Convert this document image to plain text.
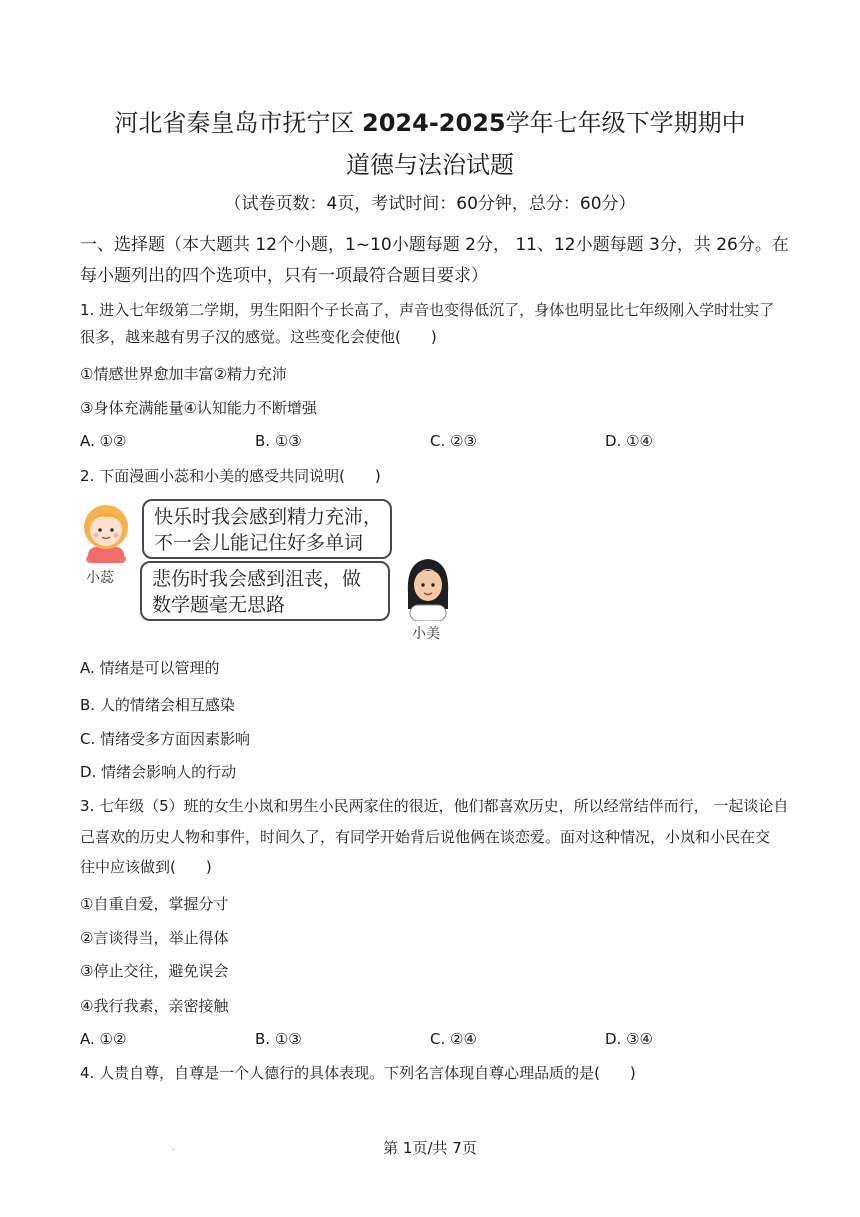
河北省秦皇岛市抚宁区 2024-2025学年七年级下学期期中
道德与法治试题
（试卷页数：4页，考试时间：60分钟，总分：60分）
一、选择题（本大题共 12个小题，1~10小题每题 2分， 11、12小题每题 3分，共 26分。在
每小题列出的四个选项中，只有一项最符合题目要求）
1. 进入七年级第二学期，男生阳阳个子长高了，声音也变得低沉了，身体也明显比七年级刚入学时壮实了
很多，越来越有男子汉的感觉。这些变化会使他(　　)
①情感世界愈加丰富②精力充沛
③身体充满能量④认知能力不断增强
A. ①②	B. ①③	C. ②③	D. ①④
2. 下面漫画小蕊和小美的感受共同说明(　　)
小蕊
快乐时我会感到精力充沛，
不一会儿能记住好多单词
悲伤时我会感到沮丧，做
数学题毫无思路
小美
A. 情绪是可以管理的
B. 人的情绪会相互感染
C. 情绪受多方面因素影响
D. 情绪会影响人的行动
3. 七年级（5）班的女生小岚和男生小民两家住的很近，他们都喜欢历史，所以经常结伴而行， 一起谈论自
己喜欢的历史人物和事件，时间久了，有同学开始背后说他俩在谈恋爱。面对这种情况，小岚和小民在交
往中应该做到(　　)
①自重自爱，掌握分寸
②言谈得当，举止得体
③停止交往，避免误会
④我行我素，亲密接触
A. ①②	B. ①③	C. ②④	D. ③④
4. 人贵自尊，自尊是一个人德行的具体表现。下列名言体现自尊心理品质的是(　　)
.	第 1页/共 7页
